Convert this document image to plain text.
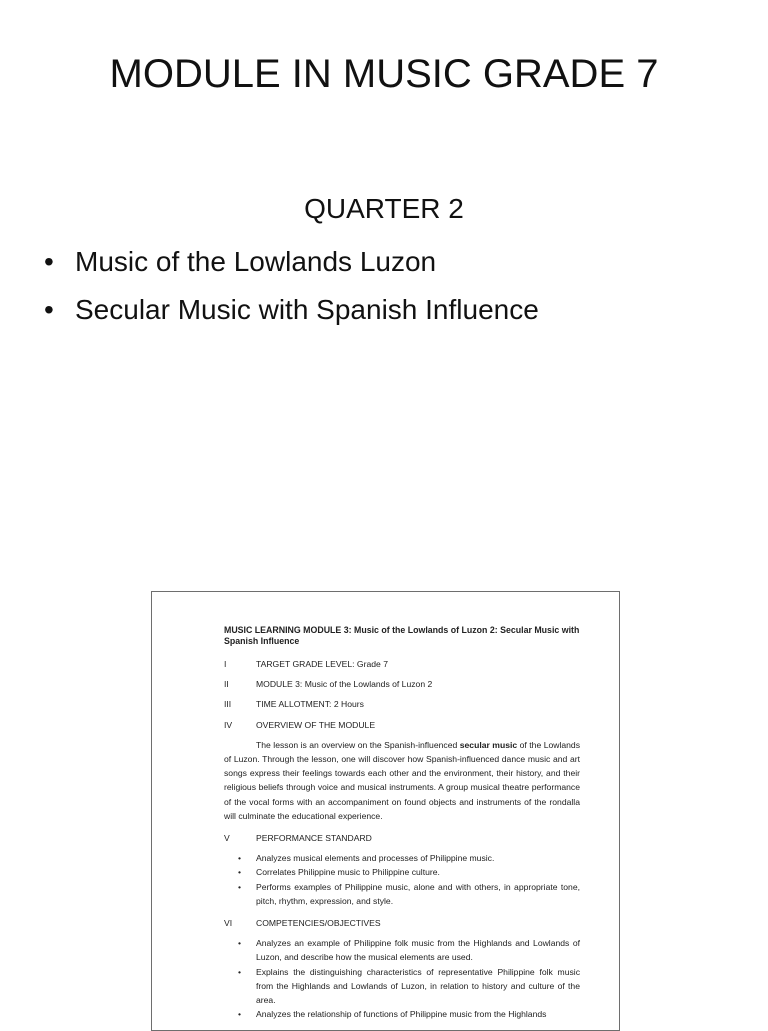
MODULE IN MUSIC GRADE 7
QUARTER 2
• Music of the Lowlands Luzon
• Secular Music with Spanish Influence
MUSIC LEARNING MODULE 3: Music of the Lowlands of Luzon 2: Secular Music with Spanish Influence
I	TARGET GRADE LEVEL: Grade 7
II	MODULE 3: Music of the Lowlands of Luzon 2
III	TIME ALLOTMENT: 2 Hours
IV	OVERVIEW OF THE MODULE
The lesson is an overview on the Spanish-influenced secular music of the Lowlands of Luzon. Through the lesson, one will discover how Spanish-influenced dance music and art songs express their feelings towards each other and the environment, their history, and their religious beliefs through voice and musical instruments. A group musical theatre performance of the vocal forms with an accompaniment on found objects and instruments of the rondalla will culminate the educational experience.
V	PERFORMANCE STANDARD
•	Analyzes musical elements and processes of Philippine music.
•	Correlates Philippine music to Philippine culture.
•	Performs examples of Philippine music, alone and with others, in appropriate tone, pitch, rhythm, expression, and style.
VI	COMPETENCIES/OBJECTIVES
•	Analyzes an example of Philippine folk music from the Highlands and Lowlands of Luzon, and describe how the musical elements are used.
•	Explains the distinguishing characteristics of representative Philippine folk music from the Highlands and Lowlands of Luzon, in relation to history and culture of the area.
•	Analyzes the relationship of functions of Philippine music from the Highlands
